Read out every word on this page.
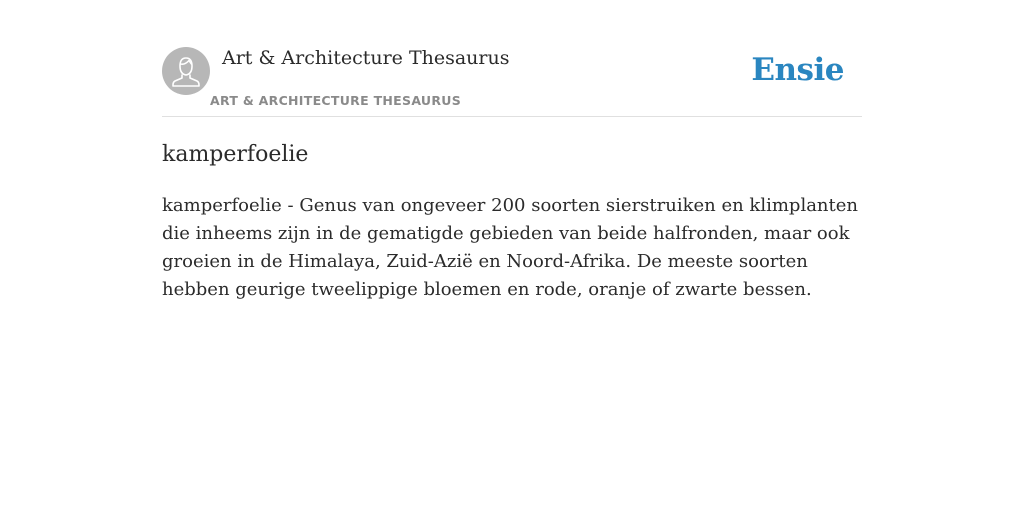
Art & Architecture Thesaurus
ART & ARCHITECTURE THESAURUS
Ensie
kamperfoelie

kamperfoelie - Genus van ongeveer 200 soorten sierstruiken en klimplanten die inheems zijn in de gematigde gebieden van beide halfronden, maar ook groeien in de Himalaya, Zuid-Azië en Noord-Afrika. De meeste soorten hebben geurige tweelippige bloemen en rode, oranje of zwarte bessen.
